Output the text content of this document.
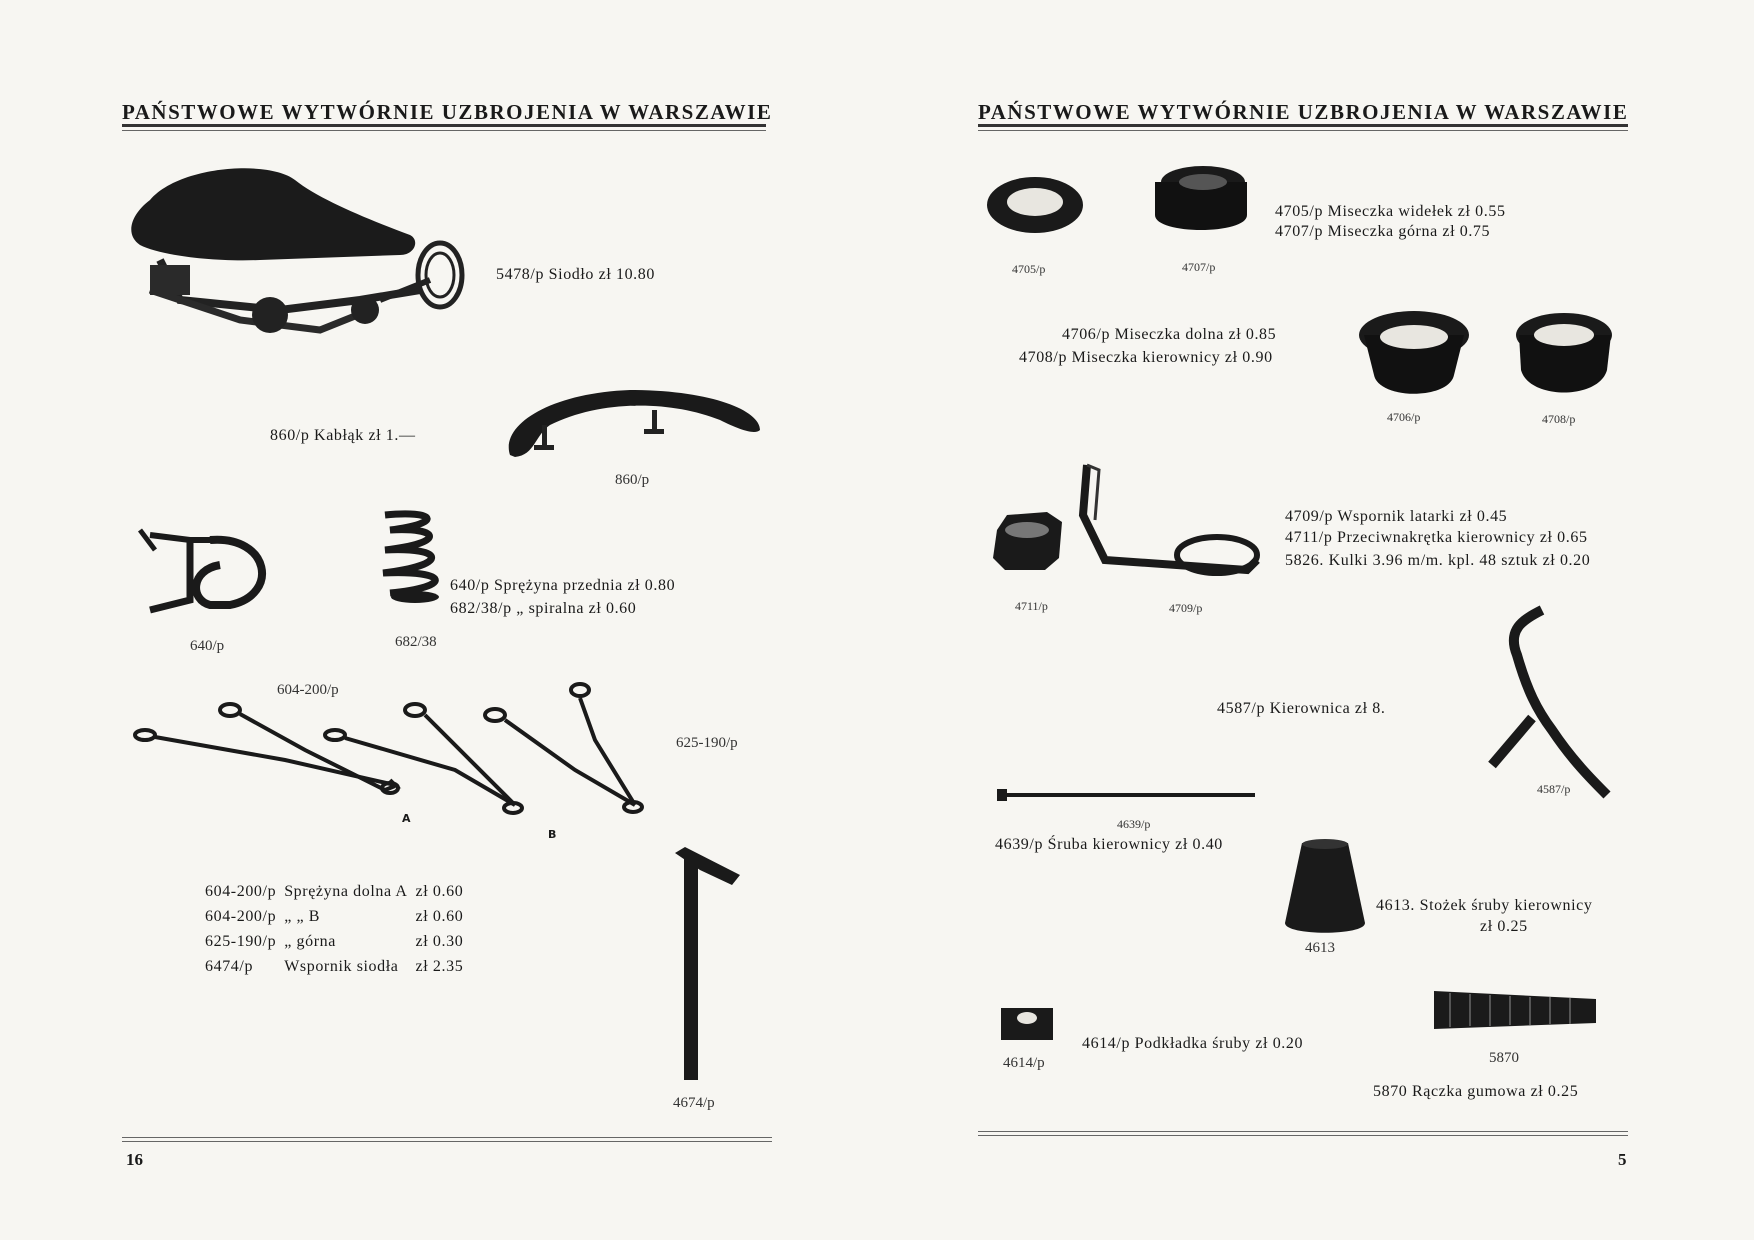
PAŃSTWOWE WYTWÓRNIE UZBROJENIA W WARSZAWIE
5478/p Siodło zł 10.80
860/p Kabłąk zł 1.—
860/p
640/p Sprężyna przednia zł 0.80
682/38/p „ spiralna zł 0.60
640/p	682/38
604-200/p
625-190/p
A
B
604-200/p	Sprężyna dolna A	zł 0.60
604-200/p	„ „ B	zł 0.60
625-190/p	„ górna	zł 0.30
6474/p	Wspornik siodła	zł 2.35
4674/p
16
PAŃSTWOWE WYTWÓRNIE UZBROJENIA W WARSZAWIE
4705/p	4707/p
4705/p Miseczka widełek zł 0.55
4707/p Miseczka górna zł 0.75
4706/p Miseczka dolna zł 0.85
4708/p Miseczka kierownicy zł 0.90
4706/p	4708/p
4711/p	4709/p
4709/p Wspornik latarki zł 0.45
4711/p Przeciwnakrętka kierownicy zł 0.65
5826. Kulki 3.96 m/m. kpl. 48 sztuk zł 0.20
4587/p Kierownica zł 8.
4587/p
4639/p
4639/p Śruba kierownicy zł 0.40
4613
4613. Stożek śruby kierownicy
zł 0.25
4614/p
4614/p Podkładka śruby zł 0.20
5870
5870 Rączka gumowa zł 0.25
5
